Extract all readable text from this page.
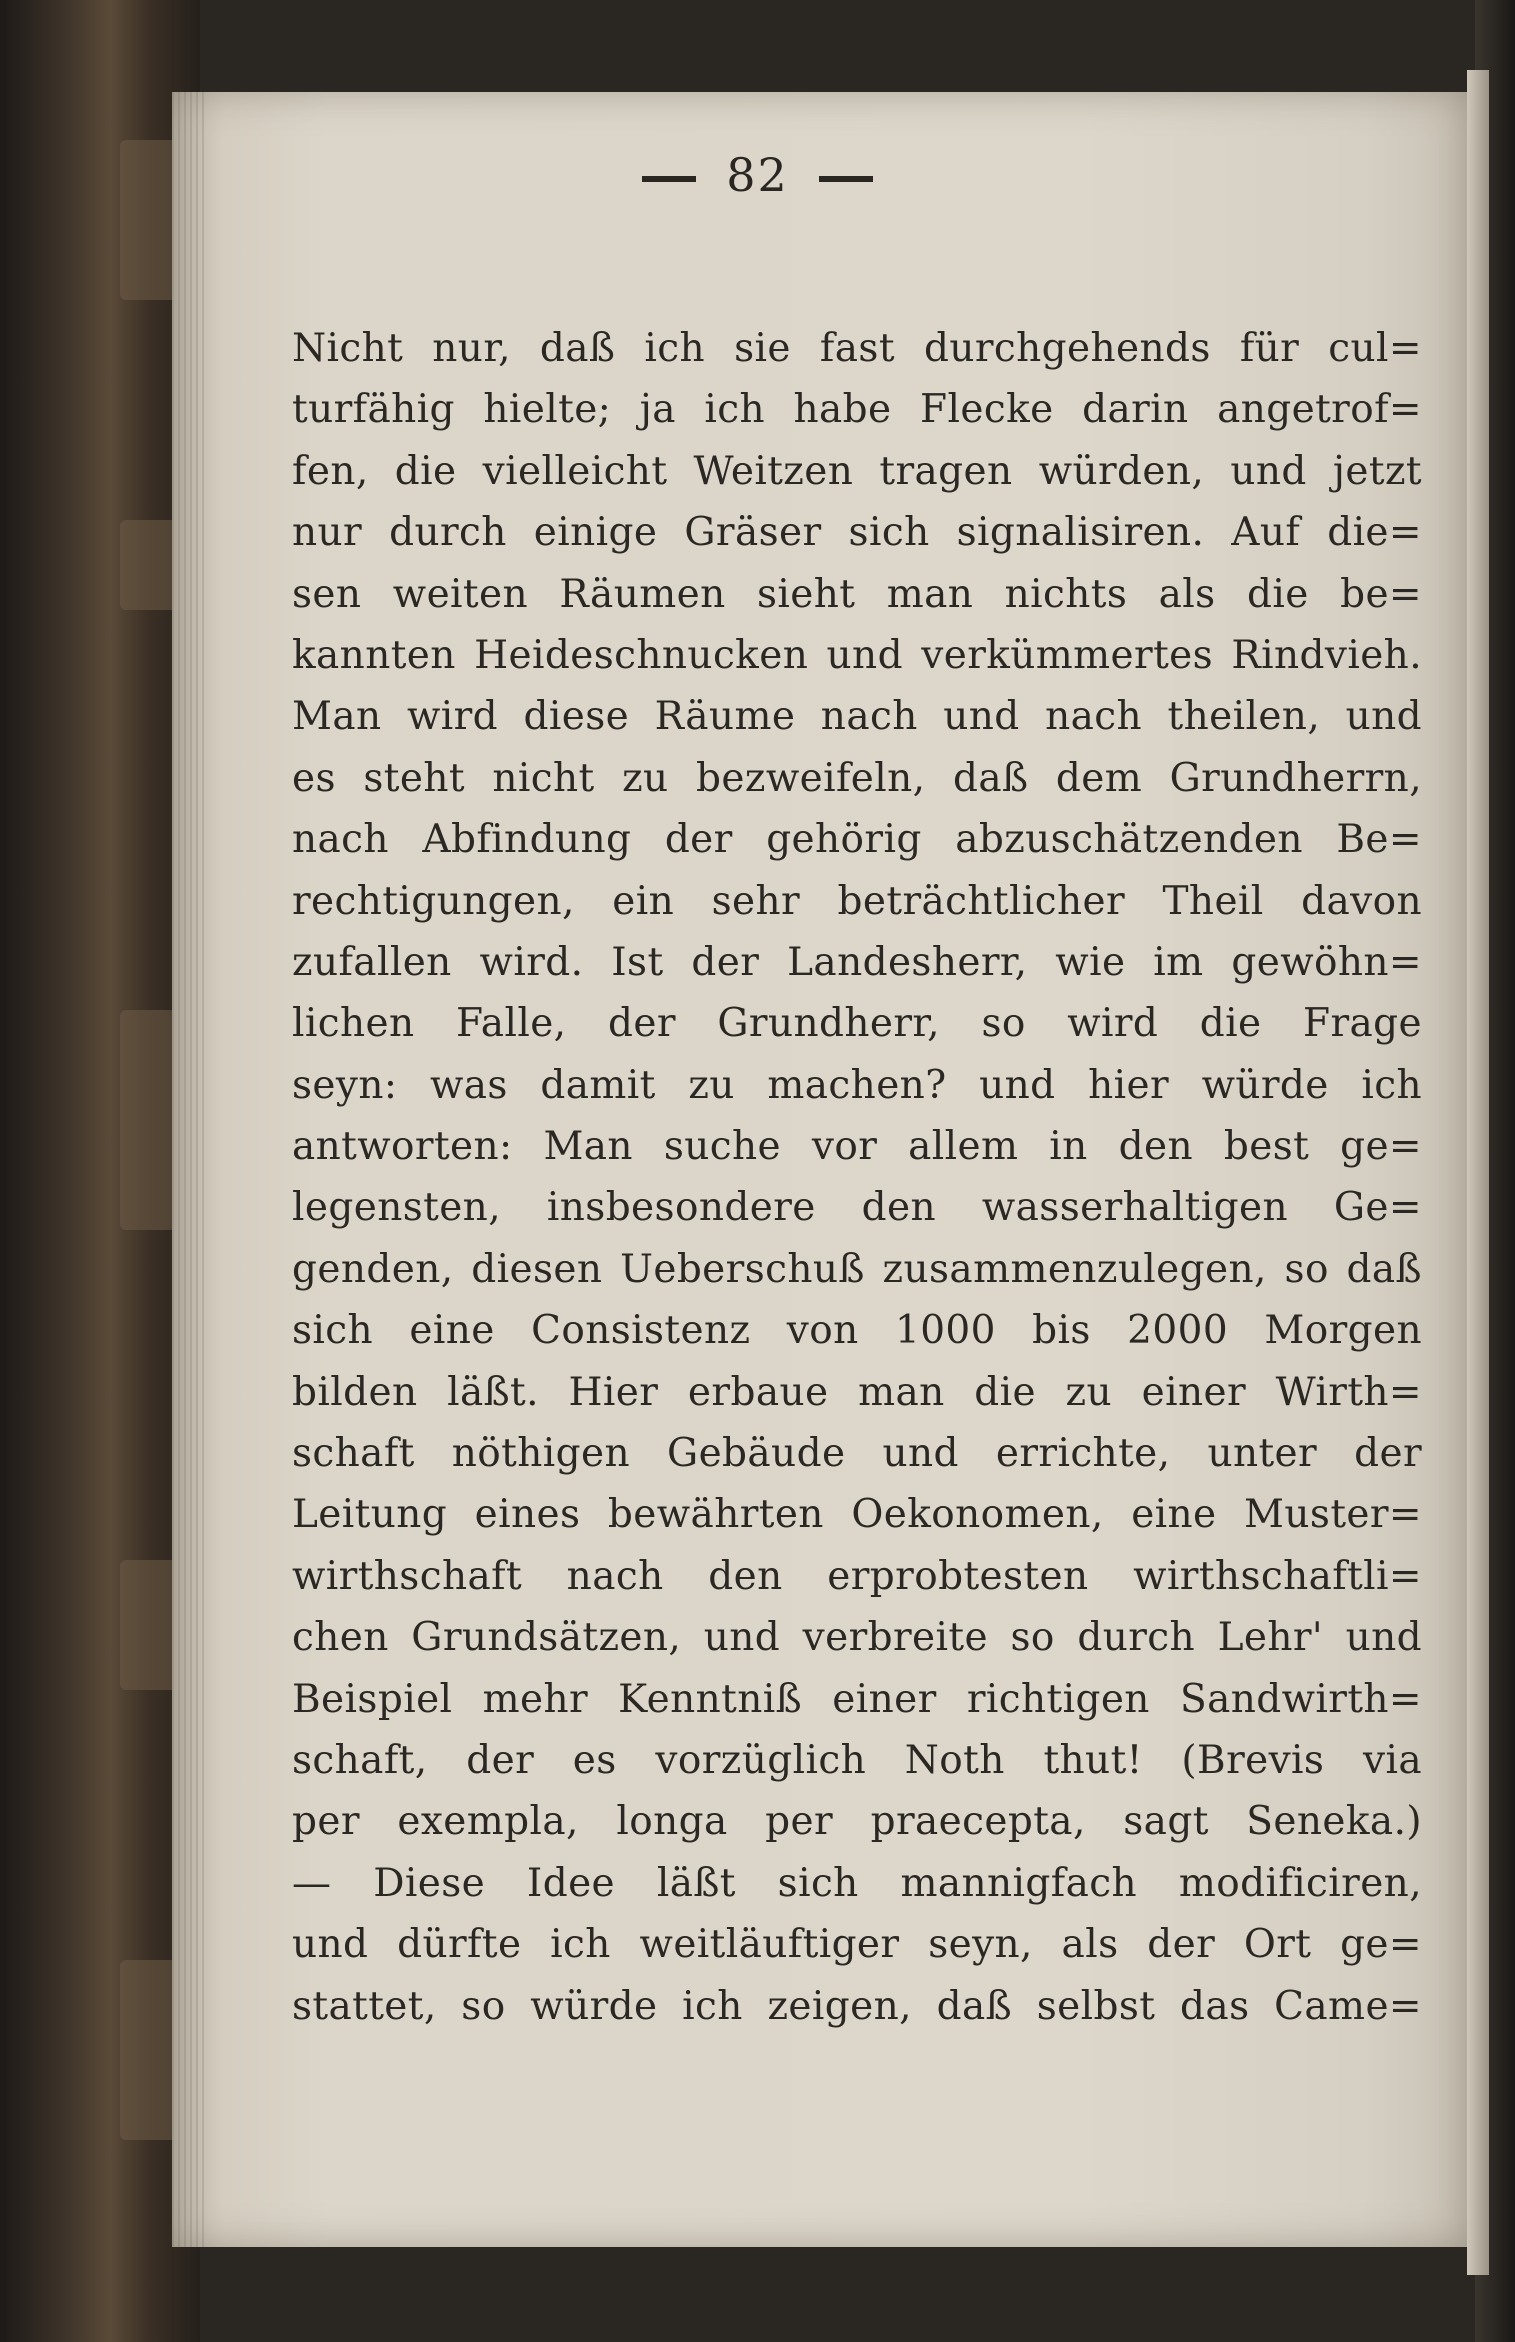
82
Nicht nur, daß ich sie fast durchgehends für cul=
turfähig hielte; ja ich habe Flecke darin angetrof=
fen, die vielleicht Weitzen tragen würden, und jetzt
nur durch einige Gräser sich signalisiren. Auf die=
sen weiten Räumen sieht man nichts als die be=
kannten Heideschnucken und verkümmertes Rindvieh.
Man wird diese Räume nach und nach theilen, und
es steht nicht zu bezweifeln, daß dem Grundherrn,
nach Abfindung der gehörig abzuschätzenden Be=
rechtigungen, ein sehr beträchtlicher Theil davon
zufallen wird. Ist der Landesherr, wie im gewöhn=
lichen Falle, der Grundherr, so wird die Frage
seyn: was damit zu machen? und hier würde ich
antworten: Man suche vor allem in den best ge=
legensten, insbesondere den wasserhaltigen Ge=
genden, diesen Ueberschuß zusammenzulegen, so daß
sich eine Consistenz von 1000 bis 2000 Morgen
bilden läßt. Hier erbaue man die zu einer Wirth=
schaft nöthigen Gebäude und errichte, unter der
Leitung eines bewährten Oekonomen, eine Muster=
wirthschaft nach den erprobtesten wirthschaftli=
chen Grundsätzen, und verbreite so durch Lehr' und
Beispiel mehr Kenntniß einer richtigen Sandwirth=
schaft, der es vorzüglich Noth thut! (Brevis via
per exempla, longa per praecepta, sagt Seneka.)
— Diese Idee läßt sich mannigfach modificiren,
und dürfte ich weitläuftiger seyn, als der Ort ge=
stattet, so würde ich zeigen, daß selbst das Came=
